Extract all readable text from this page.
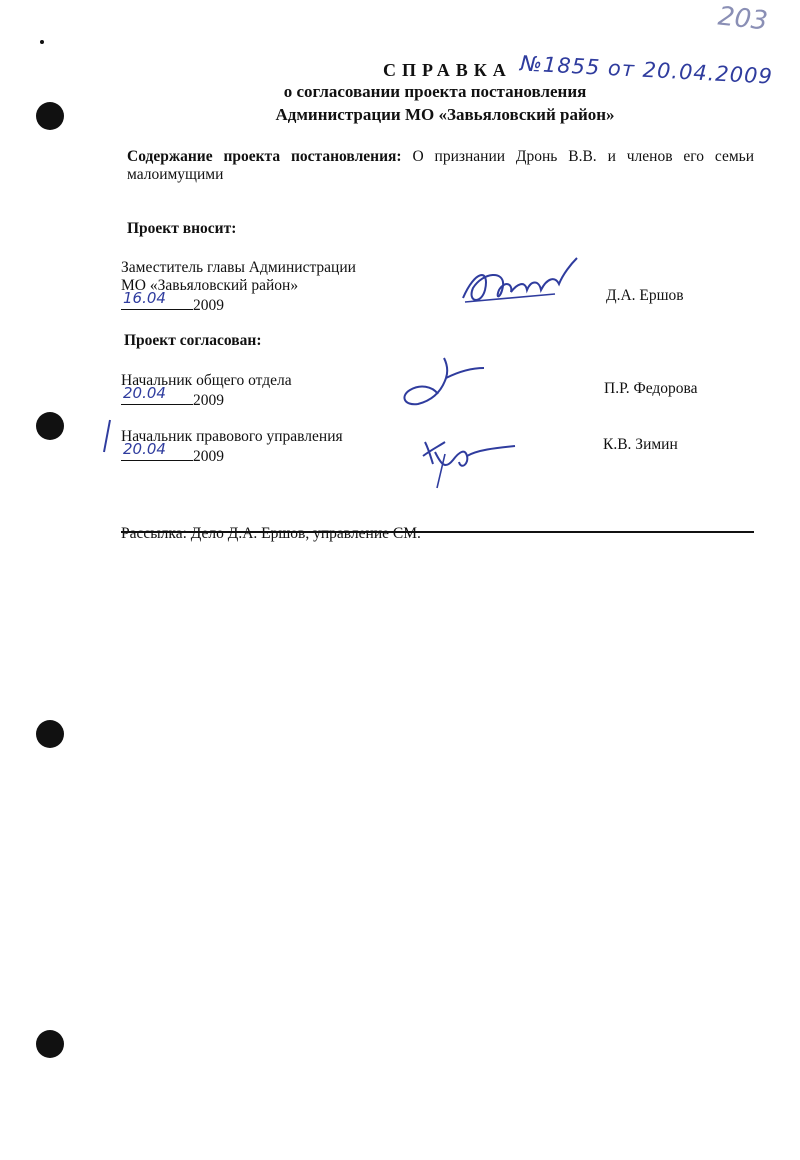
203
СПРАВКА №1855 от 20.04.2009
о согласовании проекта постановления
Администрации МО «Завьяловский район»
Содержание проекта постановления: О признании Дронь В.В. и членов его семьи малоимущими
Проект вносит:
Заместитель главы Администрации
МО «Завьяловский район»
16.04 2009
Д.А. Ершов
Проект согласован:
Начальник общего отдела
20.04 2009
П.Р. Федорова
Начальник правового управления
20.04 2009
К.В. Зимин
Рассылка: Дело Д.А. Ершов, управление СМ.
